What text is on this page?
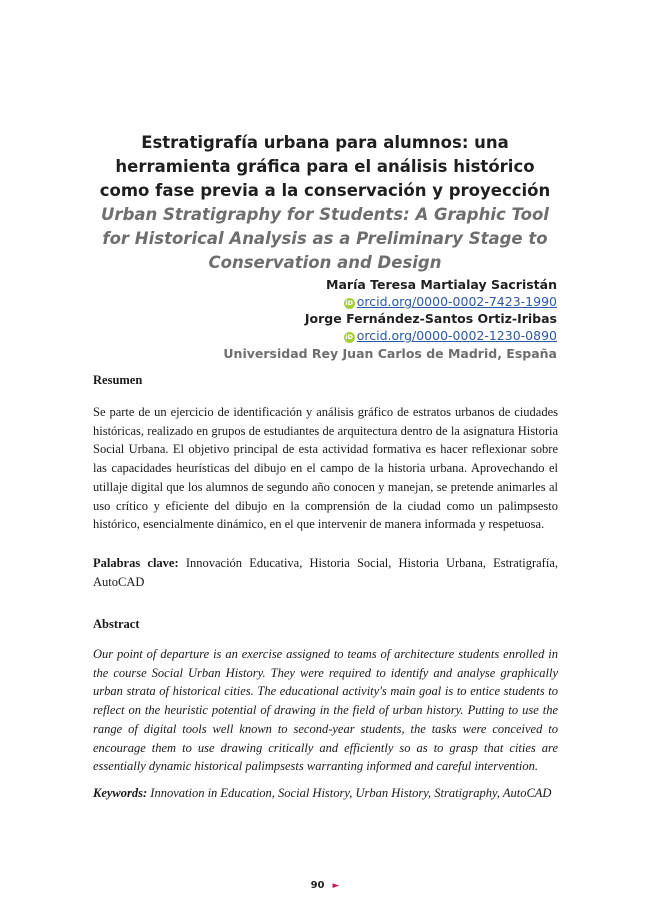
Estratigrafía urbana para alumnos: una

herramienta gráfica para el análisis histórico

como fase previa a la conservación y proyección

Urban Stratigraphy for Students: A Graphic Tool

for Historical Analysis as a Preliminary Stage to

Conservation and Design

María Teresa Martialay Sacristán
iD orcid.org/0000-0002-7423-1990
Jorge Fernández-Santos Ortiz-Iribas
iD orcid.org/0000-0002-1230-0890
Universidad Rey Juan Carlos de Madrid, España
Resumen

Se parte de un ejercicio de identificación y análisis gráfico de estratos urbanos de ciudades históricas, realizado en grupos de estudiantes de arquitectura dentro de la asignatura Historia Social Urbana. El objetivo principal de esta actividad formativa es hacer reflexionar sobre las capacidades heurísticas del dibujo en el campo de la historia urbana. Aprovechando el utillaje digital que los alumnos de segundo año conocen y manejan, se pretende animarles al uso crítico y eficiente del dibujo en la comprensión de la ciudad como un palimpsesto histórico, esencialmente dinámico, en el que intervenir de manera informada y respetuosa.

Palabras clave: Innovación Educativa, Historia Social, Historia Urbana, Estratigrafía, AutoCAD

Abstract

Our point of departure is an exercise assigned to teams of architecture students enrolled in the course Social Urban History. They were required to identify and analyse graphically urban strata of historical cities. The educational activity's main goal is to entice students to reflect on the heuristic potential of drawing in the field of urban history. Putting to use the range of digital tools well known to second-year students, the tasks were conceived to encourage them to use drawing critically and efficiently so as to grasp that cities are essentially dynamic historical palimpsests warranting informed and careful intervention.

Keywords: Innovation in Education, Social History, Urban History, Stratigraphy, AutoCAD

90 ►
